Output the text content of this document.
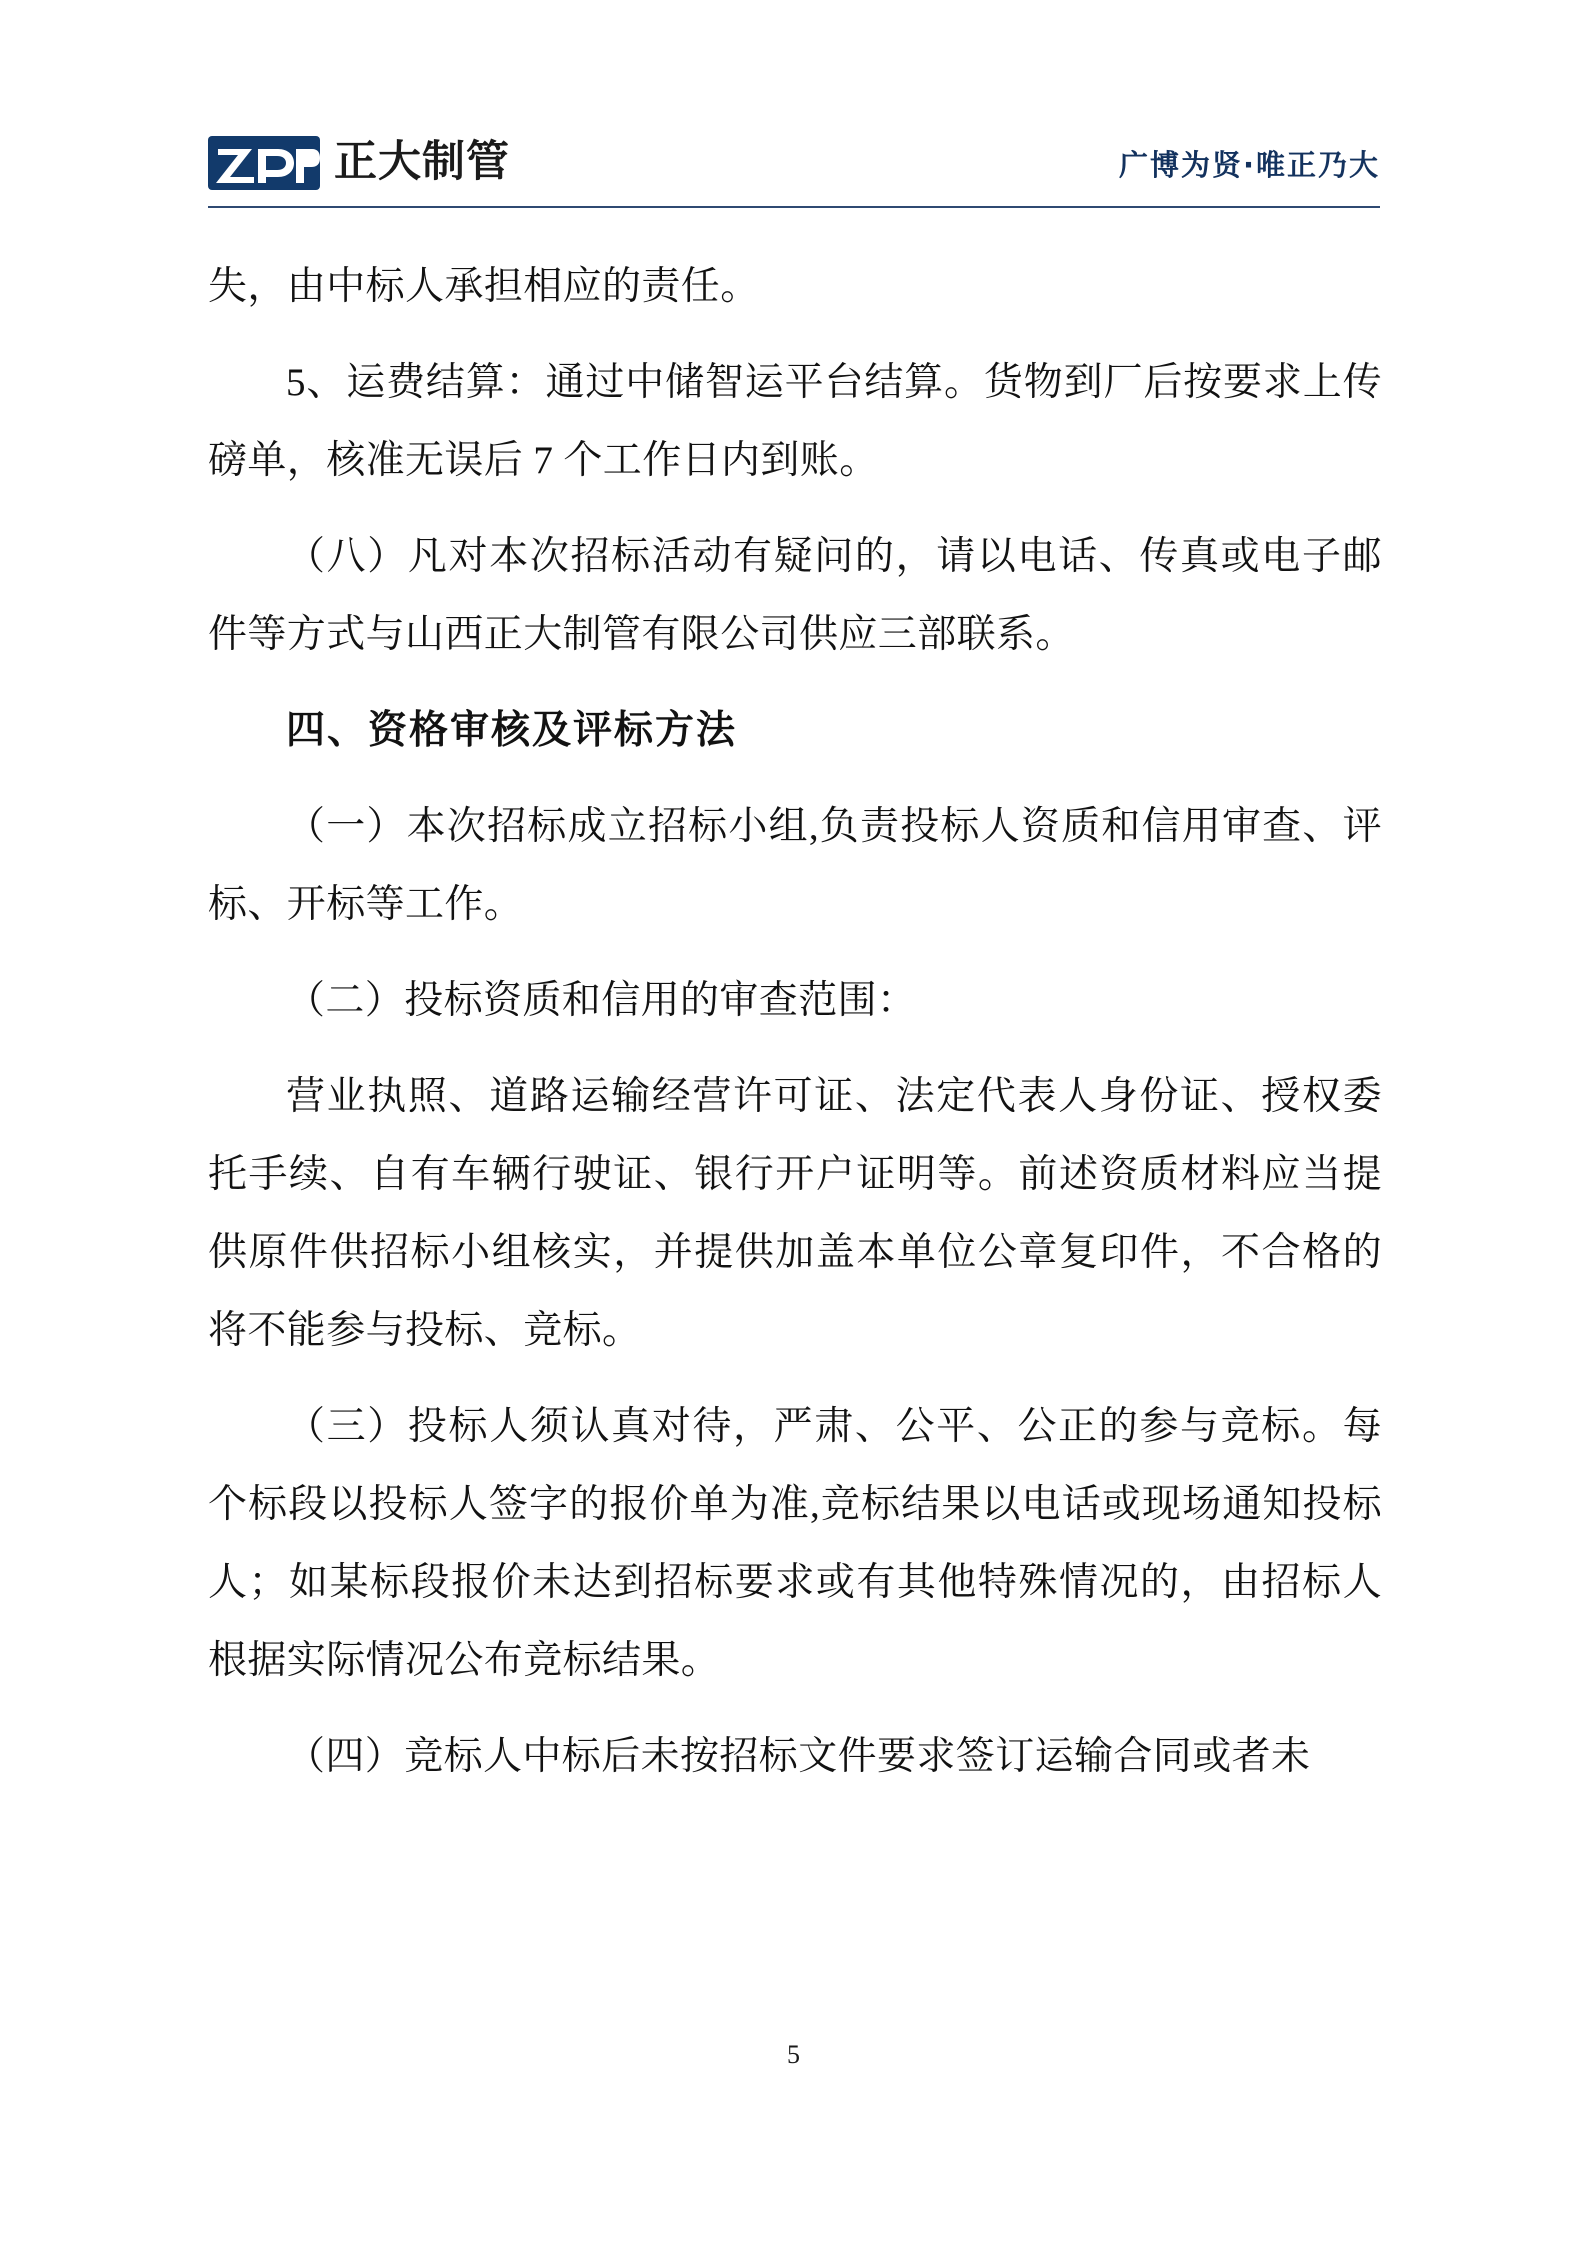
正大制管	广博为贤·唯正乃大

失，由中标人承担相应的责任。

5、运费结算：通过中储智运平台结算。货物到厂后按要求上传磅单，核准无误后 7 个工作日内到账。

（八）凡对本次招标活动有疑问的，请以电话、传真或电子邮件等方式与山西正大制管有限公司供应三部联系。

四、资格审核及评标方法

（一）本次招标成立招标小组,负责投标人资质和信用审查、评标、开标等工作。

（二）投标资质和信用的审查范围：

营业执照、道路运输经营许可证、法定代表人身份证、授权委托手续、自有车辆行驶证、银行开户证明等。前述资质材料应当提供原件供招标小组核实，并提供加盖本单位公章复印件，不合格的将不能参与投标、竞标。

（三）投标人须认真对待，严肃、公平、公正的参与竞标。每个标段以投标人签字的报价单为准,竞标结果以电话或现场通知投标人；如某标段报价未达到招标要求或有其他特殊情况的，由招标人根据实际情况公布竞标结果。

（四）竞标人中标后未按招标文件要求签订运输合同或者未

5
